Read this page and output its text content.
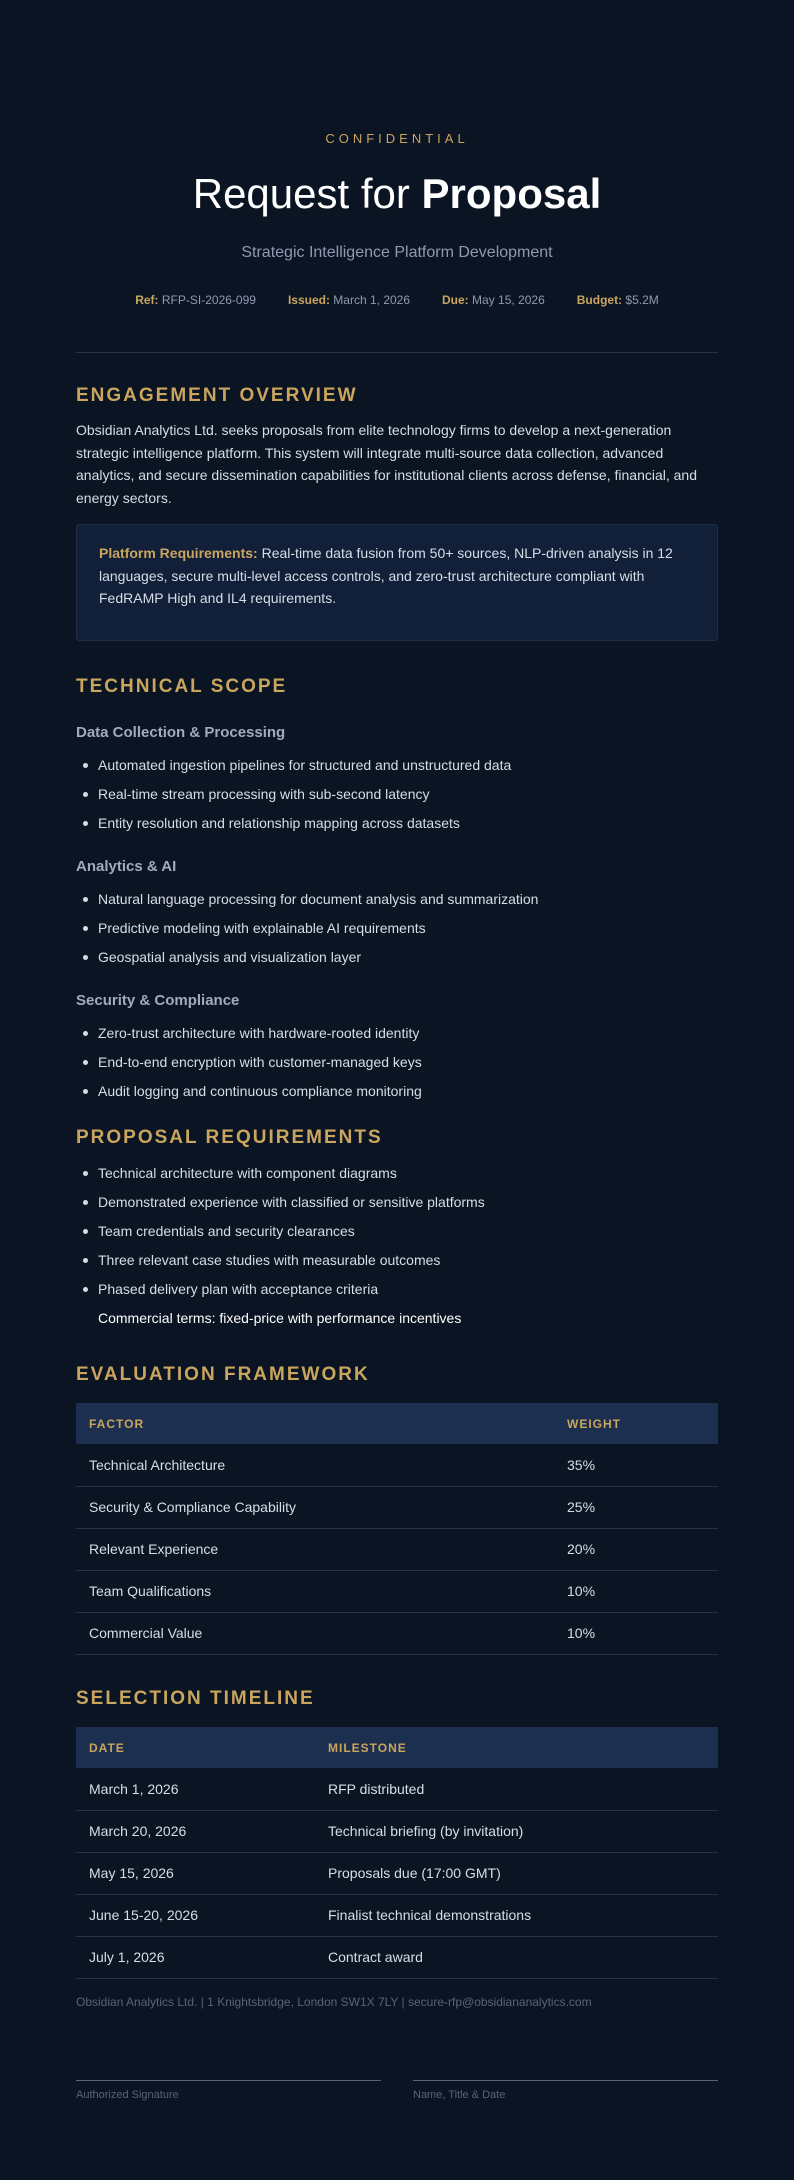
CONFIDENTIAL
Request for Proposal
Strategic Intelligence Platform Development
Ref: RFP-SI-2026-099	Issued: March 1, 2026	Due: May 15, 2026	Budget: $5.2M
ENGAGEMENT OVERVIEW

Obsidian Analytics Ltd. seeks proposals from elite technology firms to develop a next-generation strategic intelligence platform. This system will integrate multi-source data collection, advanced analytics, and secure dissemination capabilities for institutional clients across defense, financial, and energy sectors.

Platform Requirements: Real-time data fusion from 50+ sources, NLP-driven analysis in 12 languages, secure multi-level access controls, and zero-trust architecture compliant with FedRAMP High and IL4 requirements.
TECHNICAL SCOPE
Data Collection & Processing
Automated ingestion pipelines for structured and unstructured data
Real-time stream processing with sub-second latency
Entity resolution and relationship mapping across datasets
Analytics & AI
Natural language processing for document analysis and summarization
Predictive modeling with explainable AI requirements
Geospatial analysis and visualization layer
Security & Compliance
Zero-trust architecture with hardware-rooted identity
End-to-end encryption with customer-managed keys
Audit logging and continuous compliance monitoring
PROPOSAL REQUIREMENTS
Technical architecture with component diagrams
Demonstrated experience with classified or sensitive platforms
Team credentials and security clearances
Three relevant case studies with measurable outcomes
Phased delivery plan with acceptance criteria
Commercial terms: fixed-price with performance incentives
EVALUATION FRAMEWORK
FACTOR	WEIGHT
Technical Architecture	35%
Security & Compliance Capability	25%
Relevant Experience	20%
Team Qualifications	10%
Commercial Value	10%
SELECTION TIMELINE
DATE	MILESTONE
March 1, 2026	RFP distributed
March 20, 2026	Technical briefing (by invitation)
May 15, 2026	Proposals due (17:00 GMT)
June 15-20, 2026	Finalist technical demonstrations
July 1, 2026	Contract award
Obsidian Analytics Ltd. | 1 Knightsbridge, London SW1X 7LY | secure-rfp@obsidiananalytics.com
Authorized Signature	Name, Title & Date
